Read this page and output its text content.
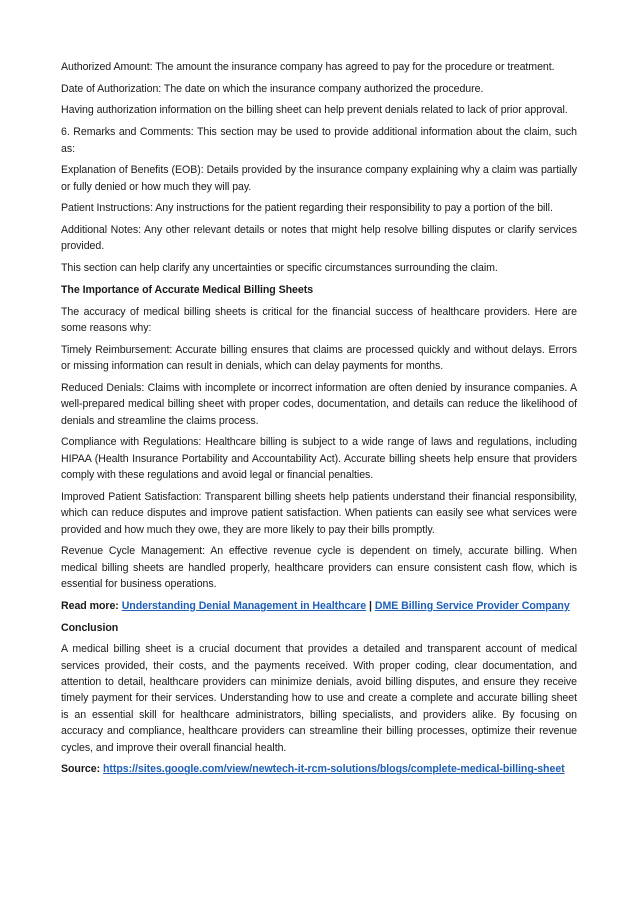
Authorized Amount: The amount the insurance company has agreed to pay for the procedure or treatment.

Date of Authorization: The date on which the insurance company authorized the procedure.

Having authorization information on the billing sheet can help prevent denials related to lack of prior approval.

6. Remarks and Comments: This section may be used to provide additional information about the claim, such as:

Explanation of Benefits (EOB): Details provided by the insurance company explaining why a claim was partially or fully denied or how much they will pay.

Patient Instructions: Any instructions for the patient regarding their responsibility to pay a portion of the bill.

Additional Notes: Any other relevant details or notes that might help resolve billing disputes or clarify services provided.

This section can help clarify any uncertainties or specific circumstances surrounding the claim.

The Importance of Accurate Medical Billing Sheets

The accuracy of medical billing sheets is critical for the financial success of healthcare providers. Here are some reasons why:

Timely Reimbursement: Accurate billing ensures that claims are processed quickly and without delays. Errors or missing information can result in denials, which can delay payments for months.

Reduced Denials: Claims with incomplete or incorrect information are often denied by insurance companies. A well-prepared medical billing sheet with proper codes, documentation, and details can reduce the likelihood of denials and streamline the claims process.

Compliance with Regulations: Healthcare billing is subject to a wide range of laws and regulations, including HIPAA (Health Insurance Portability and Accountability Act). Accurate billing sheets help ensure that providers comply with these regulations and avoid legal or financial penalties.

Improved Patient Satisfaction: Transparent billing sheets help patients understand their financial responsibility, which can reduce disputes and improve patient satisfaction. When patients can easily see what services were provided and how much they owe, they are more likely to pay their bills promptly.

Revenue Cycle Management: An effective revenue cycle is dependent on timely, accurate billing. When medical billing sheets are handled properly, healthcare providers can ensure consistent cash flow, which is essential for business operations.

Read more: Understanding Denial Management in Healthcare | DME Billing Service Provider Company

Conclusion

A medical billing sheet is a crucial document that provides a detailed and transparent account of medical services provided, their costs, and the payments received. With proper coding, clear documentation, and attention to detail, healthcare providers can minimize denials, avoid billing disputes, and ensure they receive timely payment for their services. Understanding how to use and create a complete and accurate billing sheet is an essential skill for healthcare administrators, billing specialists, and providers alike. By focusing on accuracy and compliance, healthcare providers can streamline their billing processes, optimize their revenue cycles, and improve their overall financial health.

Source: https://sites.google.com/view/newtech-it-rcm-solutions/blogs/complete-medical-billing-sheet
